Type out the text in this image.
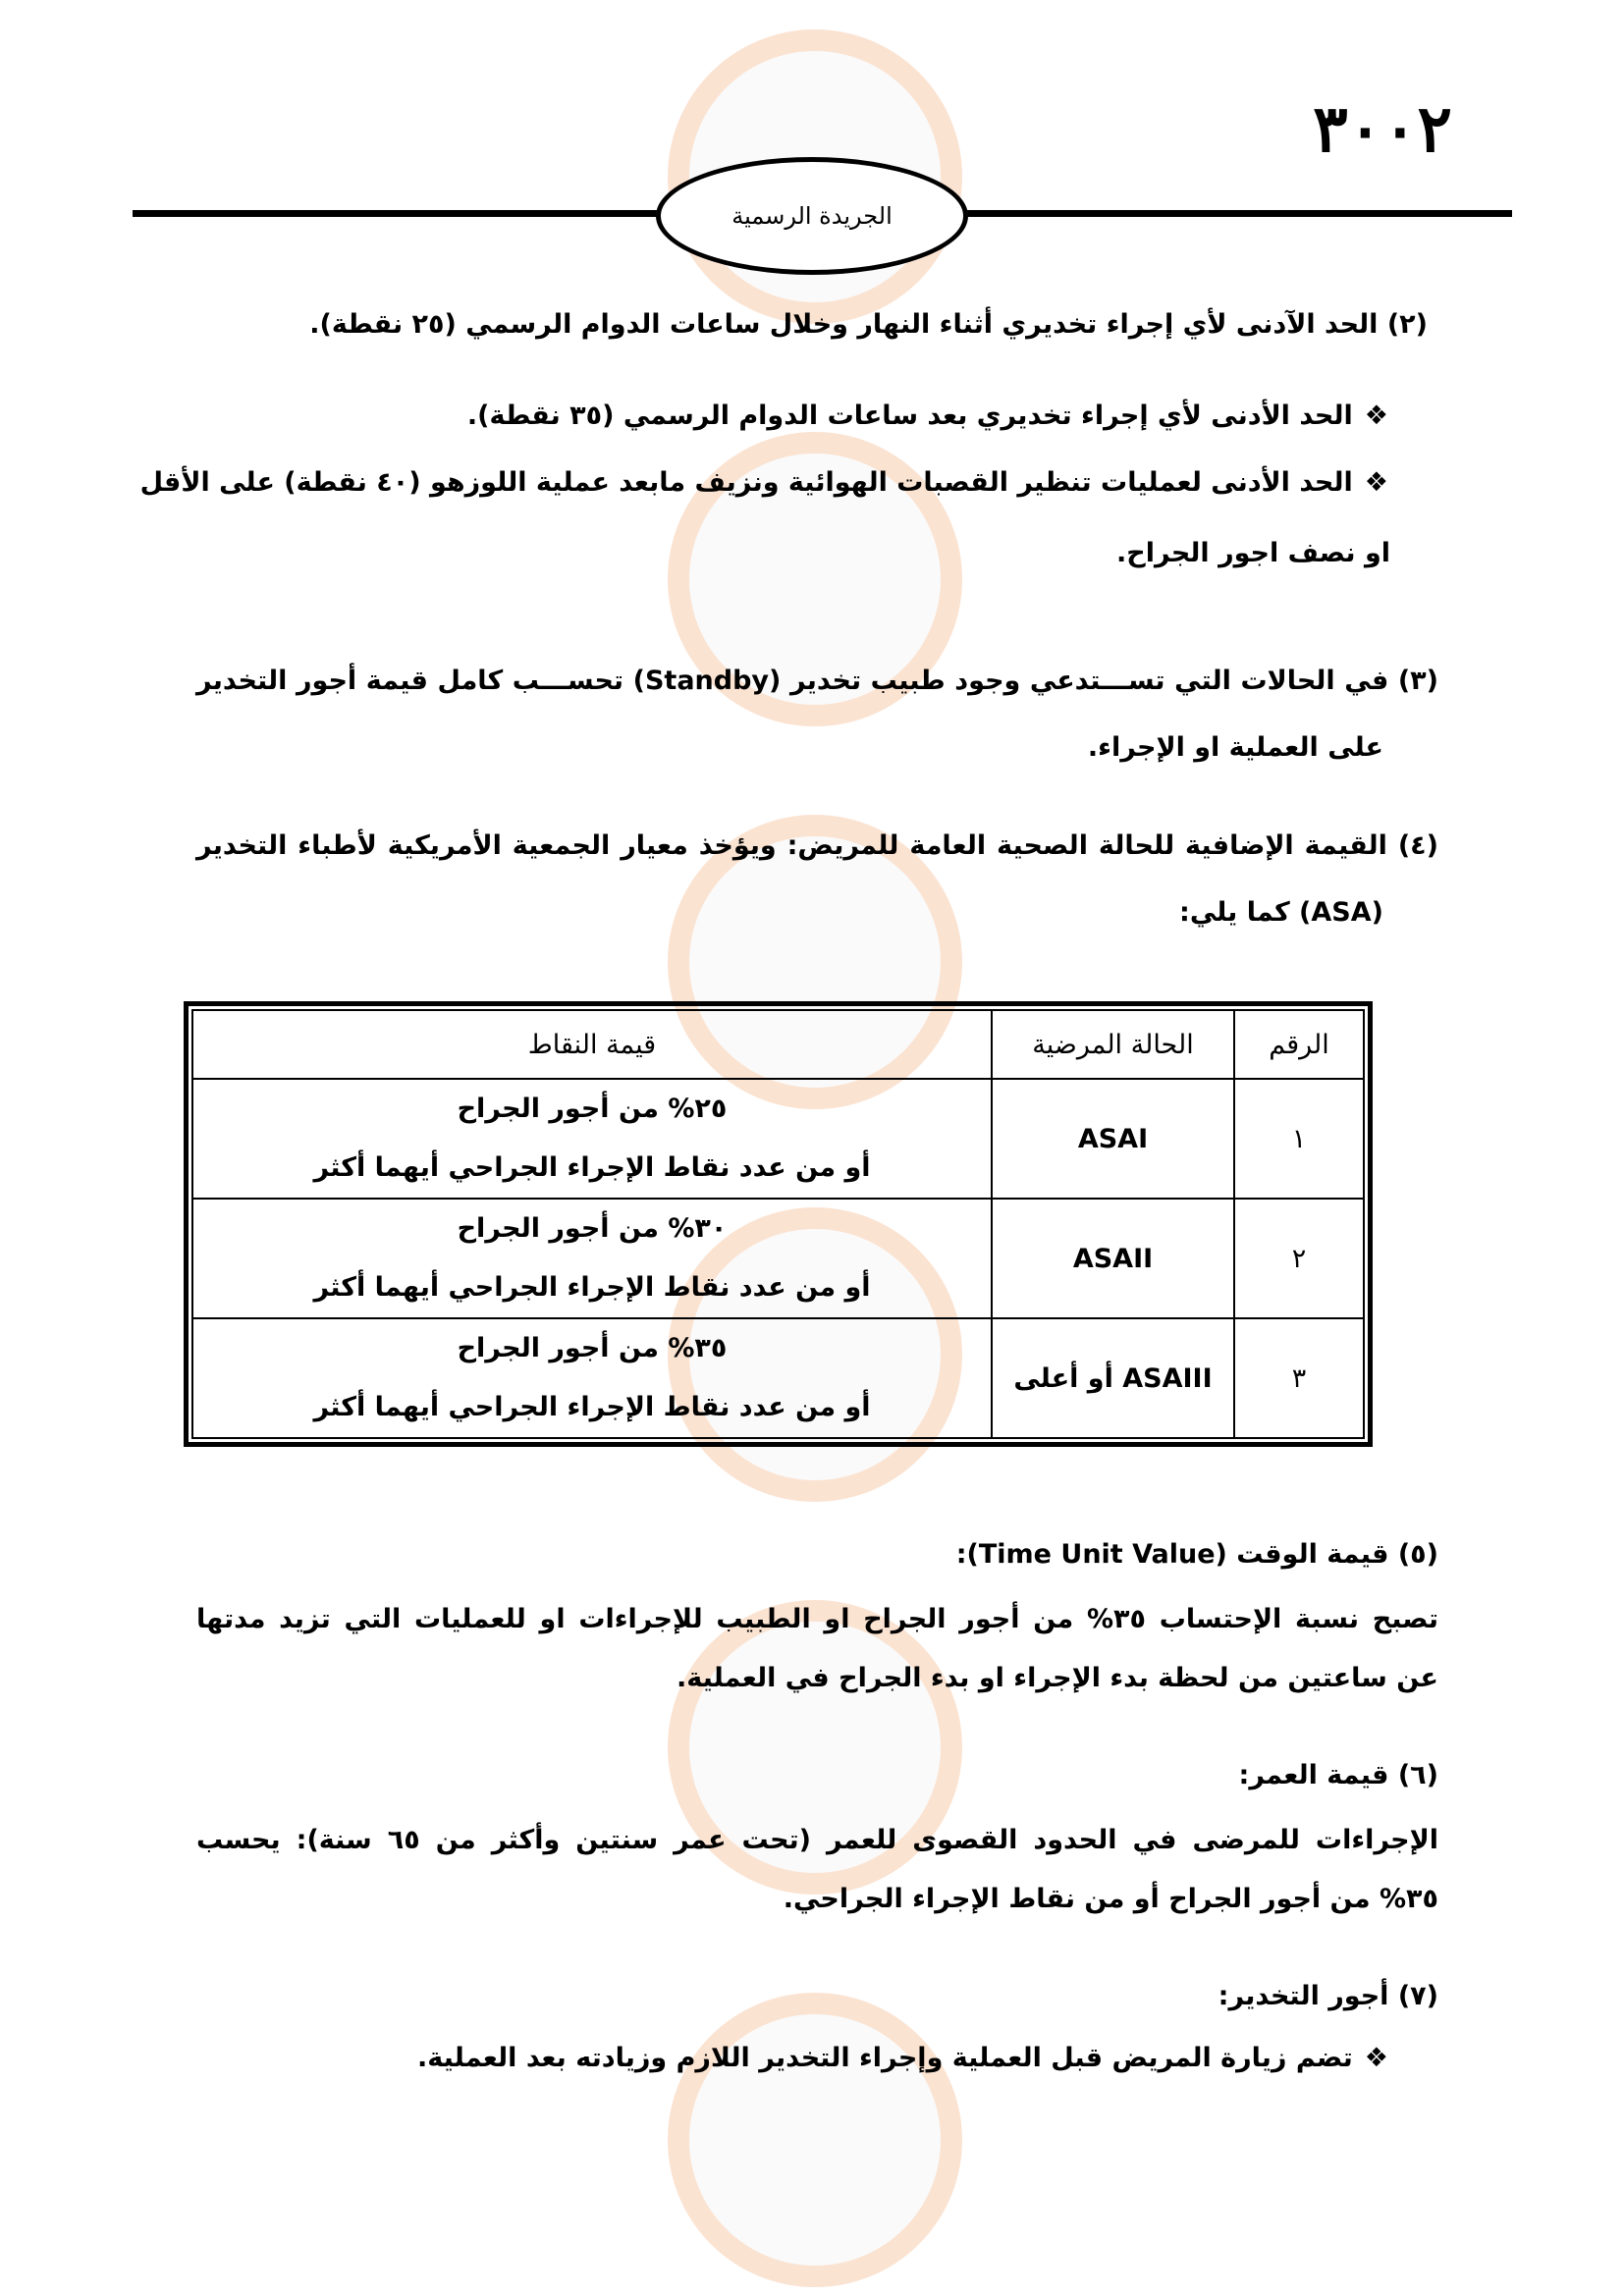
٣٠٠٢
الجريدة الرسمية
(٢) الحد الآدنى لأي إجراء تخديري أثناء النهار وخلال ساعات الدوام الرسمي (٢٥ نقطة).
❖الحد الأدنى لأي إجراء تخديري بعد ساعات الدوام الرسمي (٣٥ نقطة).
❖الحد الأدنى لعمليات تنظير القصبات الهوائية ونزيف مابعد عملية اللوزهو (٤٠ نقطة) على الأقل
او نصف اجور الجراح.
(٣) في الحالات التي تســـتدعي وجود طبيب تخدير (Standby) تحســـب كامل قيمة أجور التخدير
على العملية او الإجراء.
(٤) القيمة الإضافية للحالة الصحية العامة للمريض: ويؤخذ معيار الجمعية الأمريكية لأطباء التخدير
(ASA) كما يلي:
الرقم	الحالة المرضية	قيمة النقاط
١	ASAI	٢٥% من أجور الجراح
أو من عدد نقاط الإجراء الجراحي أيهما أكثر

٢	ASAII	٣٠% من أجور الجراح
أو من عدد نقاط الإجراء الجراحي أيهما أكثر

٣	ASAIII أو أعلى	٣٥% من أجور الجراح
أو من عدد نقاط الإجراء الجراحي أيهما أكثر
(٥) قيمة الوقت (Time Unit Value):
تصبح نسبة الإحتساب ٣٥% من أجور الجراح او الطبيب للإجراءات او للعمليات التي تزيد مدتها
عن ساعتين من لحظة بدء الإجراء او بدء الجراح في العملية.
(٦) قيمة العمر:
الإجراءات للمرضى في الحدود القصوى للعمر (تحت عمر سنتين وأكثر من ٦٥ سنة): يحسب
٣٥% من أجور الجراح أو من نقاط الإجراء الجراحي.
(٧) أجور التخدير:
❖تضم زيارة المريض قبل العملية وإجراء التخدير اللازم وزيادته بعد العملية.
